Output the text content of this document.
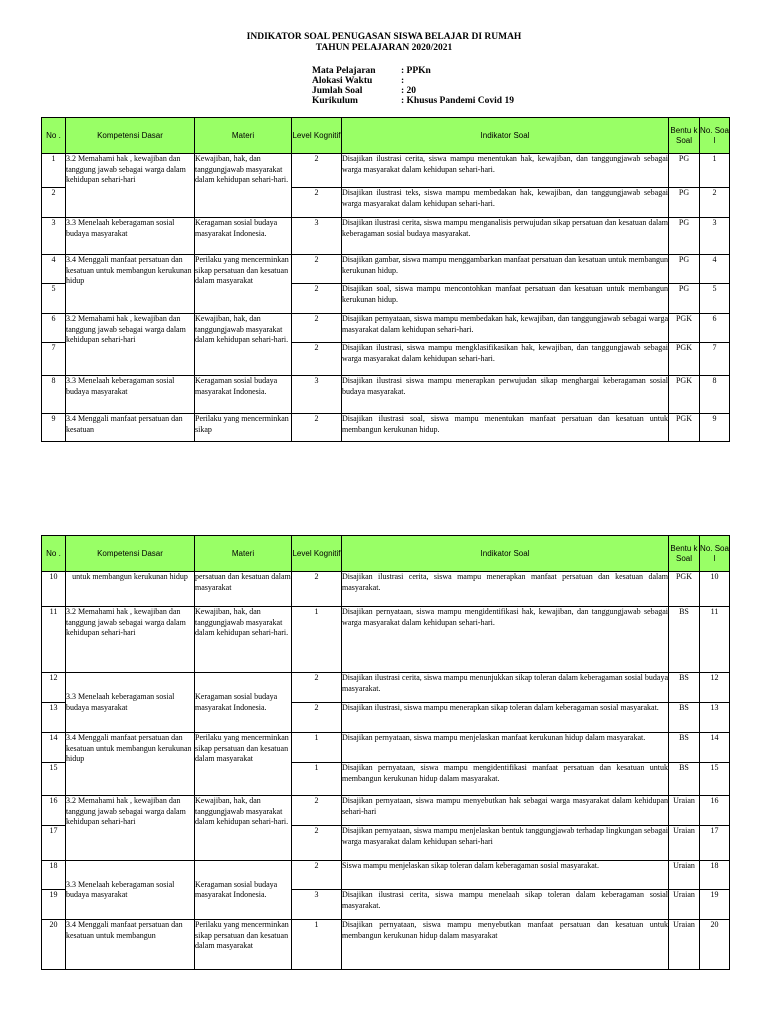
INDIKATOR SOAL PENUGASAN SISWA BELAJAR DI RUMAH
TAHUN PELAJARAN 2020/2021
Mata Pelajaran	: PPKn
Alokasi Waktu	:
Jumlah Soal	: 20
Kurikulum	: Khusus Pandemi Covid 19
No .	Kompetensi Dasar	Materi	Level Kognitif	Indikator Soal	Bentu k Soal	No. Soa l
1	3.2 Memahami hak , kewajiban dan tanggung jawab sebagai warga dalam kehidupan sehari-hari	Kewajiban, hak, dan tanggungjawab masyarakat dalam kehidupan sehari-hari.	2	Disajikan ilustrasi cerita, siswa mampu menentukan hak, kewajiban, dan tanggungjawab sebagai warga masyarakat dalam kehidupan sehari-hari.	PG	1
2			2	Disajikan ilustrasi teks, siswa mampu membedakan hak, kewajiban, dan tanggungjawab sebagai warga masyarakat dalam kehidupan sehari-hari.	PG	2
3	3.3 Menelaah keberagaman sosial budaya masyarakat	Keragaman sosial budaya masyarakat Indonesia.	3	Disajikan ilustrasi cerita, siswa mampu menganalisis perwujudan sikap persatuan dan kesatuan dalam keberagaman sosial budaya masyarakat.	PG	3
4	3.4 Menggali manfaat persatuan dan kesatuan untuk membangun kerukunan hidup	Perilaku yang mencerminkan sikap persatuan dan kesatuan dalam masyarakat	2	Disajikan gambar, siswa mampu menggambarkan manfaat persatuan dan kesatuan untuk membangun kerukunan hidup.	PG	4
5			2	Disajikan soal, siswa mampu mencontohkan manfaat persatuan dan kesatuan untuk membangun kerukunan hidup.	PG	5
6	3.2 Memahami hak , kewajiban dan tanggung jawab sebagai warga dalam kehidupan sehari-hari	Kewajiban, hak, dan tanggungjawab masyarakat dalam kehidupan sehari-hari.	2	Disajikan pernyataan, siswa mampu membedakan hak, kewajiban, dan tanggungjawab sebagai warga masyarakat dalam kehidupan sehari-hari.	PGK	6
7			2	Disajikan ilustrasi, siswa mampu mengklasifikasikan hak, kewajiban, dan tanggungjawab sebagai warga masyarakat dalam kehidupan sehari-hari.	PGK	7
8	3.3 Menelaah keberagaman sosial budaya masyarakat	Keragaman sosial budaya masyarakat Indonesia.	3	Disajikan ilustrasi siswa mampu menerapkan perwujudan sikap menghargai keberagaman sosial budaya masyarakat.	PGK	8
9	3.4 Menggali manfaat persatuan dan kesatuan	Perilaku yang mencerminkan sikap	2	Disajikan ilustrasi soal, siswa mampu menentukan manfaat persatuan dan kesatuan untuk membangun kerukunan hidup.	PGK	9
No .	Kompetensi Dasar	Materi	Level Kognitif	Indikator Soal	Bentu k Soal	No. Soa l
10	untuk membangun kerukunan hidup	persatuan dan kesatuan dalam masyarakat	2	Disajikan ilustrasi cerita, siswa mampu menerapkan manfaat persatuan dan kesatuan dalam masyarakat.	PGK	10
11	3.2 Memahami hak , kewajiban dan tanggung jawab sebagai warga dalam kehidupan sehari-hari	Kewajiban, hak, dan tanggungjawab masyarakat dalam kehidupan sehari-hari.	1	Disajikan pernyataan, siswa mampu mengidentifikasi hak, kewajiban, dan tanggungjawab sebagai warga masyarakat dalam kehidupan sehari-hari.	BS	11
12	3.3 Menelaah keberagaman sosial budaya masyarakat	Keragaman sosial budaya masyarakat Indonesia.	2	Disajikan ilustrasi cerita, siswa mampu menunjukkan sikap toleran dalam keberagaman sosial budaya masyarakat.	BS	12
13			2	Disajikan ilustrasi, siswa mampu menerapkan sikap toleran dalam keberagaman sosial masyarakat.	BS	13
14	3.4 Menggali manfaat persatuan dan kesatuan untuk membangun kerukunan hidup	Perilaku yang mencerminkan sikap persatuan dan kesatuan dalam masyarakat	1	Disajikan pernyataan, siswa mampu menjelaskan manfaat kerukunan hidup dalam masyarakat.	BS	14
15			1	Disajikan pernyataan, siswa mampu mengidentifikasi manfaat persatuan dan kesatuan untuk membangun kerukunan hidup dalam masyarakat.	BS	15
16	3.2 Memahami hak , kewajiban dan tanggung jawab sebagai warga dalam kehidupan sehari-hari	Kewajiban, hak, dan tanggungjawab masyarakat dalam kehidupan sehari-hari.	2	Disajikan pernyataan, siswa mampu menyebutkan hak sebagai warga masyarakat dalam kehidupan sehari-hari	Uraian	16
17			2	Disajikan pernyataan, siswa mampu menjelaskan bentuk tanggungjawab terhadap lingkungan sebagai warga masyarakat dalam kehidupan sehari-hari	Uraian	17
18	3.3 Menelaah keberagaman sosial budaya masyarakat	Keragaman sosial budaya masyarakat Indonesia.	2	Siswa mampu menjelaskan sikap toleran dalam keberagaman sosial masyarakat.	Uraian	18
19			3	Disajikan ilustrasi cerita, siswa mampu menelaah sikap toleran dalam keberagaman sosial masyarakat.	Uraian	19
20	3.4 Menggali manfaat persatuan dan kesatuan untuk membangun	Perilaku yang mencerminkan sikap persatuan dan kesatuan dalam masyarakat	1	Disajikan pernyataan, siswa mampu menyebutkan manfaat persatuan dan kesatuan untuk membangun kerukunan hidup dalam masyarakat	Uraian	20
